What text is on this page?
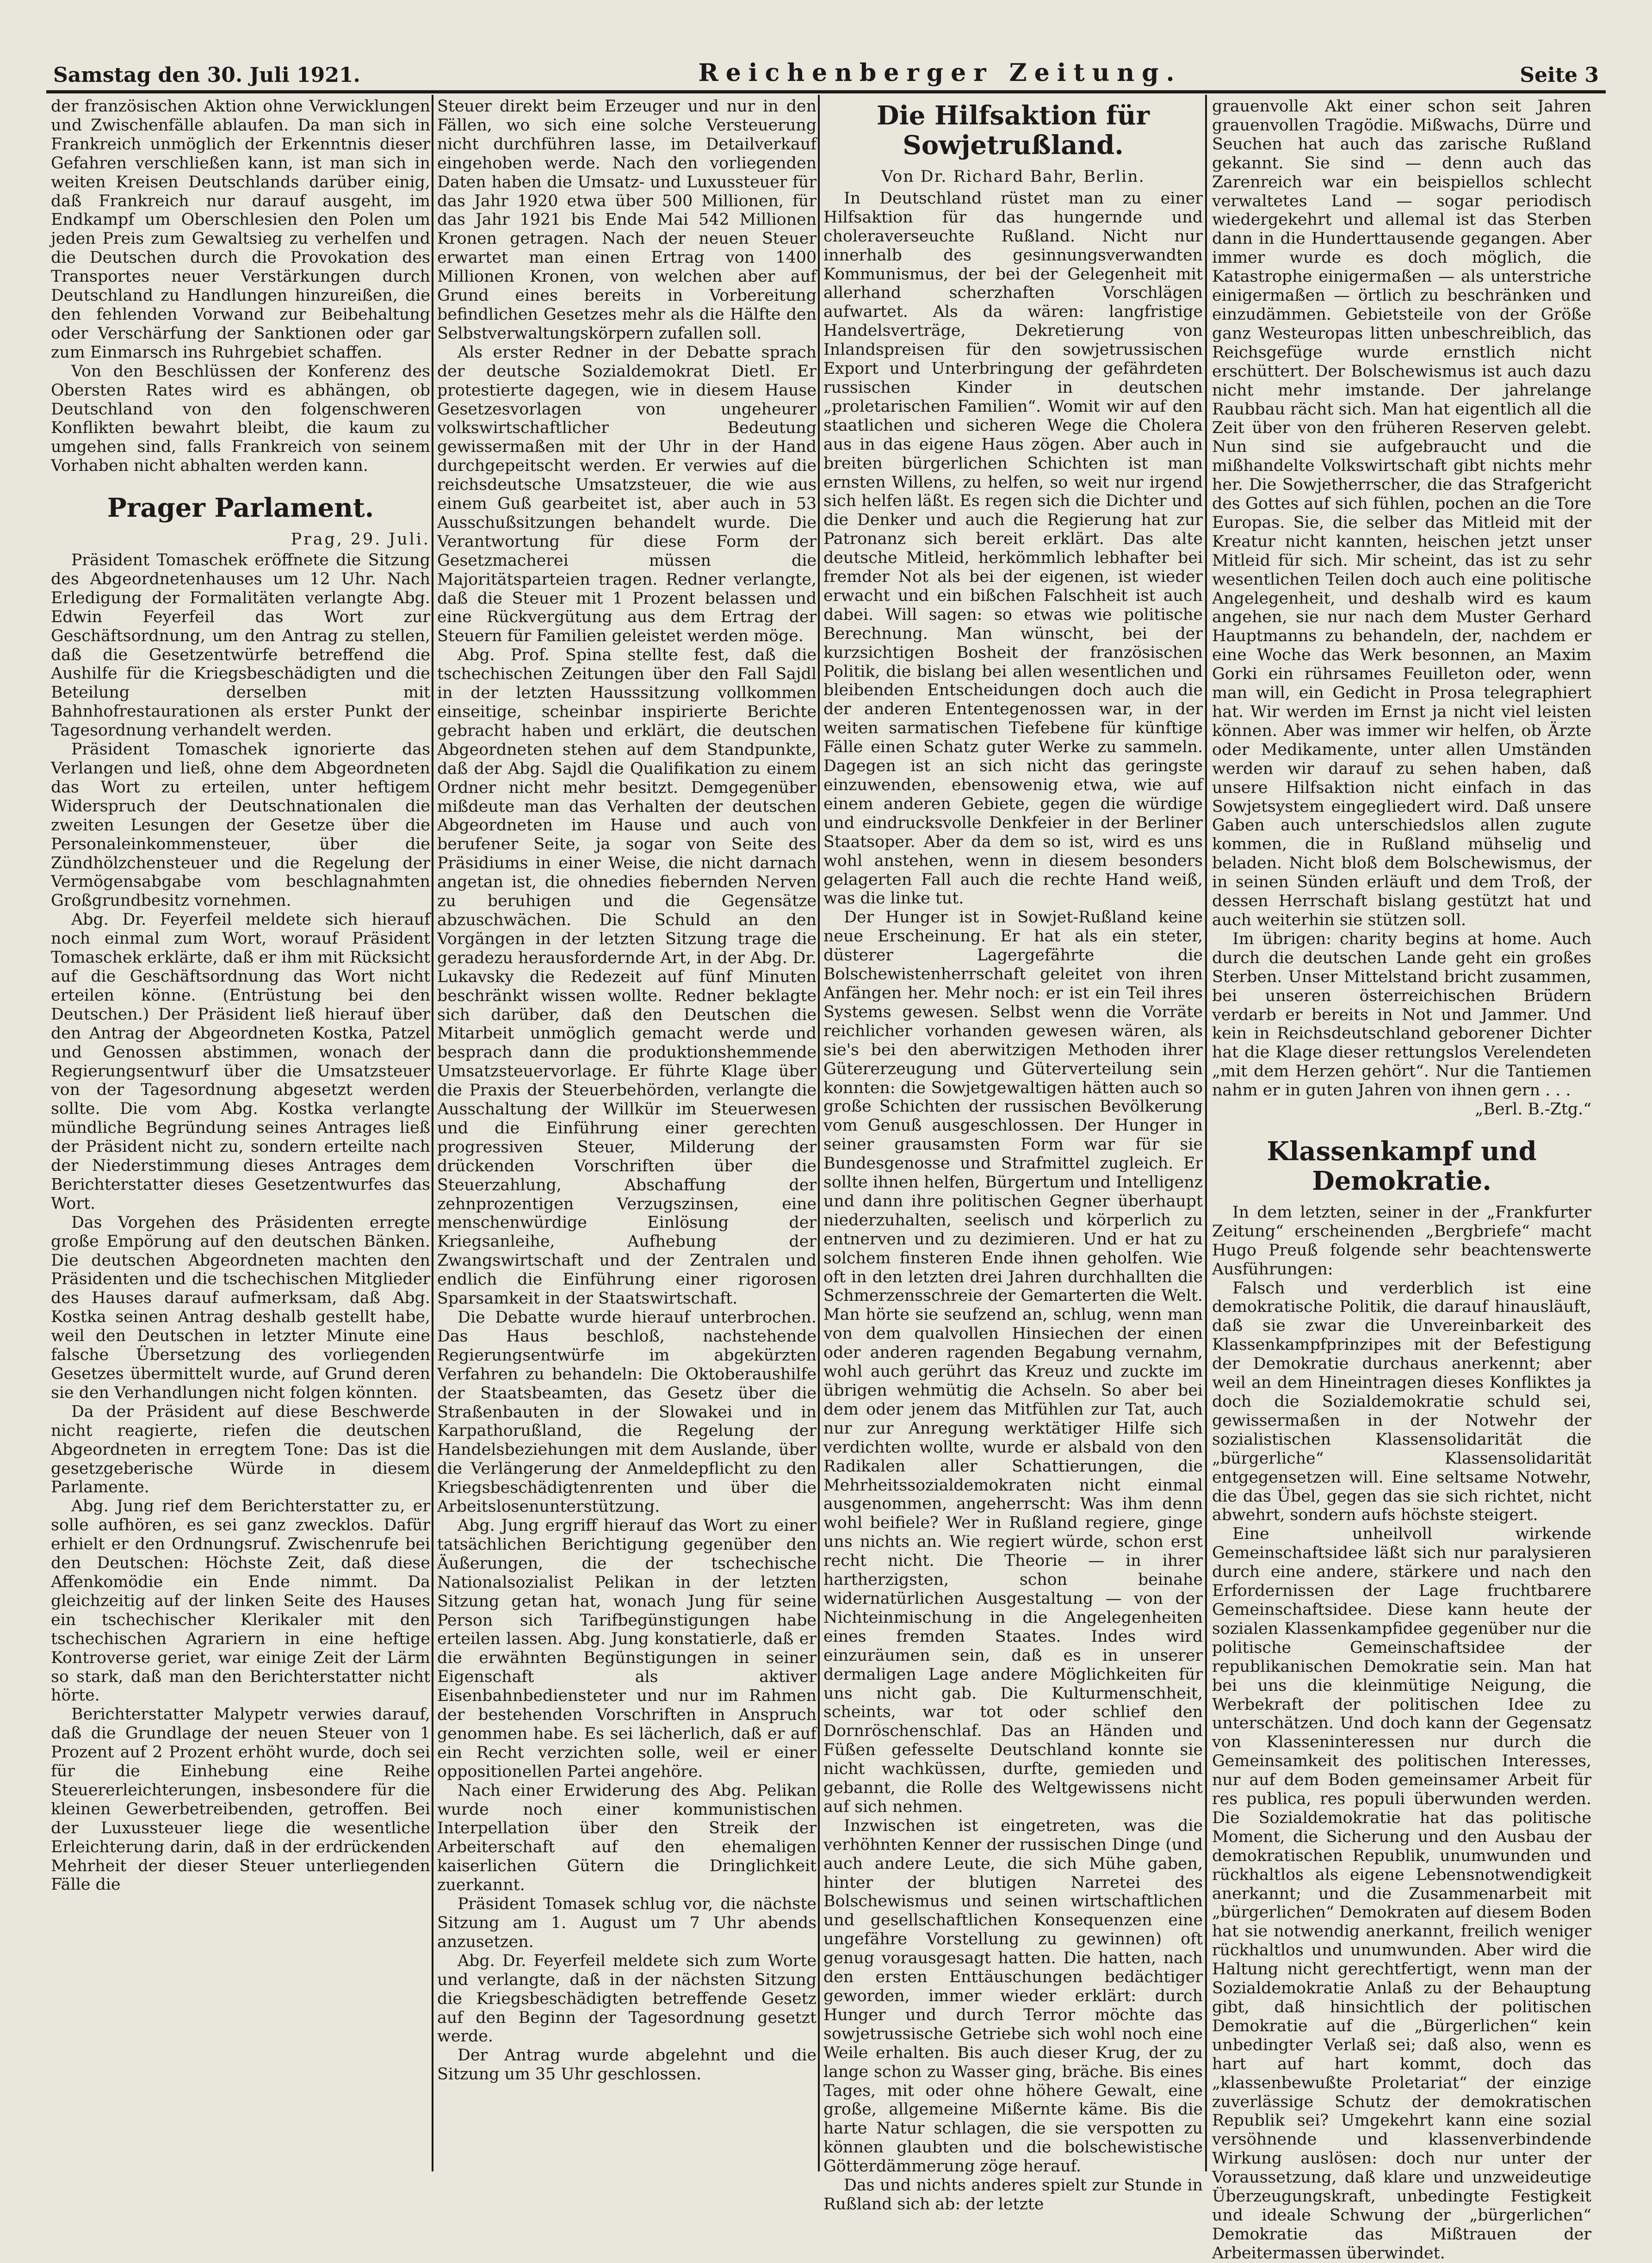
Samstag den 30. Juli 1921.	Reichenberger Zeitung.	Seite 3

der französischen Aktion ohne Verwicklungen und Zwischenfälle ablaufen. Da man sich in Frankreich unmöglich der Erkenntnis dieser Gefahren verschließen kann, ist man sich in weiten Kreisen Deutschlands darüber einig, daß Frankreich nur darauf ausgeht, im Endkampf um Oberschlesien den Polen um jeden Preis zum Gewaltsieg zu verhelfen und die Deutschen durch die Provokation des Transportes neuer Verstärkungen durch Deutschland zu Handlungen hinzureißen, die den fehlenden Vorwand zur Beibehaltung oder Verschärfung der Sanktionen oder gar zum Einmarsch ins Ruhrgebiet schaffen.

Von den Beschlüssen der Konferenz des Obersten Rates wird es abhängen, ob Deutschland von den folgenschweren Konflikten bewahrt bleibt, die kaum zu umgehen sind, falls Frankreich von seinem Vorhaben nicht abhalten werden kann.

Prager Parlament.

Prag, 29. Juli.

Präsident Tomaschek eröffnete die Sitzung des Abgeordnetenhauses um 12 Uhr. Nach Erledigung der Formalitäten verlangte Abg. Edwin Feyerfeil das Wort zur Geschäftsordnung, um den Antrag zu stellen, daß die Gesetzentwürfe betreffend die Aushilfe für die Kriegsbeschädigten und die Beteilung derselben mit Bahnhofrestaurationen als erster Punkt der Tagesordnung verhandelt werden.

Präsident Tomaschek ignorierte das Verlangen und ließ, ohne dem Abgeordneten das Wort zu erteilen, unter heftigem Widerspruch der Deutschnationalen die zweiten Lesungen der Gesetze über die Personaleinkommensteuer, über die Zündhölzchensteuer und die Regelung der Vermögensabgabe vom beschlagnahmten Großgrundbesitz vornehmen.

Abg. Dr. Feyerfeil meldete sich hierauf noch einmal zum Wort, worauf Präsident Tomaschek erklärte, daß er ihm mit Rücksicht auf die Geschäftsordnung das Wort nicht erteilen könne. (Entrüstung bei den Deutschen.) Der Präsident ließ hierauf über den Antrag der Abgeordneten Kostka, Patzel und Genossen abstimmen, wonach der Regierungsentwurf über die Umsatzsteuer von der Tagesordnung abgesetzt werden sollte. Die vom Abg. Kostka verlangte mündliche Begründung seines Antrages ließ der Präsident nicht zu, sondern erteilte nach der Niederstimmung dieses Antrages dem Berichterstatter dieses Gesetzentwurfes das Wort.

Das Vorgehen des Präsidenten erregte große Empörung auf den deutschen Bänken. Die deutschen Abgeordneten machten den Präsidenten und die tschechischen Mitglieder des Hauses darauf aufmerksam, daß Abg. Kostka seinen Antrag deshalb gestellt habe, weil den Deutschen in letzter Minute eine falsche Übersetzung des vorliegenden Gesetzes übermittelt wurde, auf Grund deren sie den Verhandlungen nicht folgen könnten.

Da der Präsident auf diese Beschwerde nicht reagierte, riefen die deutschen Abgeordneten in erregtem Tone: Das ist die gesetzgeberische Würde in diesem Parlamente.

Abg. Jung rief dem Berichterstatter zu, er solle aufhören, es sei ganz zwecklos. Dafür erhielt er den Ordnungsruf. Zwischenrufe bei den Deutschen: Höchste Zeit, daß diese Affenkomödie ein Ende nimmt. Da gleichzeitig auf der linken Seite des Hauses ein tschechischer Klerikaler mit den tschechischen Agrariern in eine heftige Kontroverse geriet, war einige Zeit der Lärm so stark, daß man den Berichterstatter nicht hörte.

Berichterstatter Malypetr verwies darauf, daß die Grundlage der neuen Steuer von 1 Prozent auf 2 Prozent erhöht wurde, doch sei für die Einhebung eine Reihe Steuererleichterungen, insbesondere für die kleinen Gewerbetreibenden, getroffen. Bei der Luxussteuer liege die wesentliche Erleichterung darin, daß in der erdrückenden Mehrheit der dieser Steuer unterliegenden Fälle die

Steuer direkt beim Erzeuger und nur in den Fällen, wo sich eine solche Versteuerung nicht durchführen lasse, im Detailverkauf eingehoben werde. Nach den vorliegenden Daten haben die Umsatz- und Luxussteuer für das Jahr 1920 etwa über 500 Millionen, für das Jahr 1921 bis Ende Mai 542 Millionen Kronen getragen. Nach der neuen Steuer erwartet man einen Ertrag von 1400 Millionen Kronen, von welchen aber auf Grund eines bereits in Vorbereitung befindlichen Gesetzes mehr als die Hälfte den Selbstverwaltungskörpern zufallen soll.

Als erster Redner in der Debatte sprach der deutsche Sozialdemokrat Dietl. Er protestierte dagegen, wie in diesem Hause Gesetzesvorlagen von ungeheurer volkswirtschaftlicher Bedeutung gewissermaßen mit der Uhr in der Hand durchgepeitscht werden. Er verwies auf die reichsdeutsche Umsatzsteuer, die wie aus einem Guß gearbeitet ist, aber auch in 53 Ausschußsitzungen behandelt wurde. Die Verantwortung für diese Form der Gesetzmacherei müssen die Majoritätsparteien tragen. Redner verlangte, daß die Steuer mit 1 Prozent belassen und eine Rückvergütung aus dem Ertrag der Steuern für Familien geleistet werden möge.

Abg. Prof. Spina stellte fest, daß die tschechischen Zeitungen über den Fall Sajdl in der letzten Hausssitzung vollkommen einseitige, scheinbar inspirierte Berichte gebracht haben und erklärt, die deutschen Abgeordneten stehen auf dem Standpunkte, daß der Abg. Sajdl die Qualifikation zu einem Ordner nicht mehr besitzt. Demgegenüber mißdeute man das Verhalten der deutschen Abgeordneten im Hause und auch von berufener Seite, ja sogar von Seite des Präsidiums in einer Weise, die nicht darnach angetan ist, die ohnedies fiebernden Nerven zu beruhigen und die Gegensätze abzuschwächen. Die Schuld an den Vorgängen in der letzten Sitzung trage die geradezu herausfordernde Art, in der Abg. Dr. Lukavsky die Redezeit auf fünf Minuten beschränkt wissen wollte. Redner beklagte sich darüber, daß den Deutschen die Mitarbeit unmöglich gemacht werde und besprach dann die produktionshemmende Umsatzsteuervorlage. Er führte Klage über die Praxis der Steuerbehörden, verlangte die Ausschaltung der Willkür im Steuerwesen und die Einführung einer gerechten progressiven Steuer, Milderung der drückenden Vorschriften über die Steuerzahlung, Abschaffung der zehnprozentigen Verzugszinsen, eine menschenwürdige Einlösung der Kriegsanleihe, Aufhebung der Zwangswirtschaft und der Zentralen und endlich die Einführung einer rigorosen Sparsamkeit in der Staatswirtschaft.

Die Debatte wurde hierauf unterbrochen. Das Haus beschloß, nachstehende Regierungsentwürfe im abgekürzten Verfahren zu behandeln: Die Oktoberaushilfe der Staatsbeamten, das Gesetz über die Straßenbauten in der Slowakei und in Karpathorußland, die Regelung der Handelsbeziehungen mit dem Auslande, über die Verlängerung der Anmeldepflicht zu den Kriegsbeschädigtenrenten und über die Arbeitslosenunterstützung.

Abg. Jung ergriff hierauf das Wort zu einer tatsächlichen Berichtigung gegenüber den Äußerungen, die der tschechische Nationalsozialist Pelikan in der letzten Sitzung getan hat, wonach Jung für seine Person sich Tarifbegünstigungen habe erteilen lassen. Abg. Jung konstatierle, daß er die erwähnten Begünstigungen in seiner Eigenschaft als aktiver Eisenbahnbediensteter und nur im Rahmen der bestehenden Vorschriften in Anspruch genommen habe. Es sei lächerlich, daß er auf ein Recht verzichten solle, weil er einer oppositionellen Partei angehöre.

Nach einer Erwiderung des Abg. Pelikan wurde noch einer kommunistischen Interpellation über den Streik der Arbeiterschaft auf den ehemaligen kaiserlichen Gütern die Dringlichkeit zuerkannt.

Präsident Tomasek schlug vor, die nächste Sitzung am 1. August um 7 Uhr abends anzusetzen.

Abg. Dr. Feyerfeil meldete sich zum Worte und verlangte, daß in der nächsten Sitzung die Kriegsbeschädigten betreffende Gesetz auf den Beginn der Tagesordnung gesetzt werde.

Der Antrag wurde abgelehnt und die Sitzung um 35 Uhr geschlossen.

Die Hilfsaktion für Sowjetrußland.

Von Dr. Richard Bahr, Berlin.

In Deutschland rüstet man zu einer Hilfsaktion für das hungernde und choleraverseuchte Rußland. Nicht nur innerhalb des gesinnungsverwandten Kommunismus, der bei der Gelegenheit mit allerhand scherzhaften Vorschlägen aufwartet. Als da wären: langfristige Handelsverträge, Dekretierung von Inlandspreisen für den sowjetrussischen Export und Unterbringung der gefährdeten russischen Kinder in deutschen „proletarischen Familien“. Womit wir auf den staatlichen und sicheren Wege die Cholera aus in das eigene Haus zögen. Aber auch in breiten bürgerlichen Schichten ist man ernsten Willens, zu helfen, so weit nur irgend sich helfen läßt. Es regen sich die Dichter und die Denker und auch die Regierung hat zur Patronanz sich bereit erklärt. Das alte deutsche Mitleid, herkömmlich lebhafter bei fremder Not als bei der eigenen, ist wieder erwacht und ein bißchen Falschheit ist auch dabei. Will sagen: so etwas wie politische Berechnung. Man wünscht, bei der kurzsichtigen Bosheit der französischen Politik, die bislang bei allen wesentlichen und bleibenden Entscheidungen doch auch die der anderen Ententegenossen war, in der weiten sarmatischen Tiefebene für künftige Fälle einen Schatz guter Werke zu sammeln. Dagegen ist an sich nicht das geringste einzuwenden, ebensowenig etwa, wie auf einem anderen Gebiete, gegen die würdige und eindrucksvolle Denkfeier in der Berliner Staatsoper. Aber da dem so ist, wird es uns wohl anstehen, wenn in diesem besonders gelagerten Fall auch die rechte Hand weiß, was die linke tut.

Der Hunger ist in Sowjet-Rußland keine neue Erscheinung. Er hat als ein steter, düsterer Lagergefährte die Bolschewistenherrschaft geleitet von ihren Anfängen her. Mehr noch: er ist ein Teil ihres Systems gewesen. Selbst wenn die Vorräte reichlicher vorhanden gewesen wären, als sie's bei den aberwitzigen Methoden ihrer Gütererzeugung und Güterverteilung sein konnten: die Sowjetgewaltigen hätten auch so große Schichten der russischen Bevölkerung vom Genuß ausgeschlossen. Der Hunger in seiner grausamsten Form war für sie Bundesgenosse und Strafmittel zugleich. Er sollte ihnen helfen, Bürgertum und Intelligenz und dann ihre politischen Gegner überhaupt niederzuhalten, seelisch und körperlich zu entnerven und zu dezimieren. Und er hat zu solchem finsteren Ende ihnen geholfen. Wie oft in den letzten drei Jahren durchhallten die Schmerzensschreie der Gemarterten die Welt. Man hörte sie seufzend an, schlug, wenn man von dem qualvollen Hinsiechen der einen oder anderen ragenden Begabung vernahm, wohl auch gerührt das Kreuz und zuckte im übrigen wehmütig die Achseln. So aber bei dem oder jenem das Mitfühlen zur Tat, auch nur zur Anregung werktätiger Hilfe sich verdichten wollte, wurde er alsbald von den Radikalen aller Schattierungen, die Mehrheitssozialdemokraten nicht einmal ausgenommen, angeherrscht: Was ihm denn wohl beifiele? Wer in Rußland regiere, ginge uns nichts an. Wie regiert würde, schon erst recht nicht. Die Theorie — in ihrer hartherzigsten, schon beinahe widernatürlichen Ausgestaltung — von der Nichteinmischung in die Angelegenheiten eines fremden Staates. Indes wird einzuräumen sein, daß es in unserer dermaligen Lage andere Möglichkeiten für uns nicht gab. Die Kulturmenschheit, scheints, war tot oder schlief den Dornröschenschlaf. Das an Händen und Füßen gefesselte Deutschland konnte sie nicht wachküssen, durfte, gemieden und gebannt, die Rolle des Weltgewissens nicht auf sich nehmen.

Inzwischen ist eingetreten, was die verhöhnten Kenner der russischen Dinge (und auch andere Leute, die sich Mühe gaben, hinter der blutigen Narretei des Bolschewismus und seinen wirtschaftlichen und gesellschaftlichen Konsequenzen eine ungefähre Vorstellung zu gewinnen) oft genug vorausgesagt hatten. Die hatten, nach den ersten Enttäuschungen bedächtiger geworden, immer wieder erklärt: durch Hunger und durch Terror möchte das sowjetrussische Getriebe sich wohl noch eine Weile erhalten. Bis auch dieser Krug, der zu lange schon zu Wasser ging, bräche. Bis eines Tages, mit oder ohne höhere Gewalt, eine große, allgemeine Mißernte käme. Bis die harte Natur schlagen, die sie verspotten zu können glaubten und die bolschewistische Götterdämmerung zöge herauf.

Das und nichts anderes spielt zur Stunde in Rußland sich ab: der letzte

grauenvolle Akt einer schon seit Jahren grauenvollen Tragödie. Mißwachs, Dürre und Seuchen hat auch das zarische Rußland gekannt. Sie sind — denn auch das Zarenreich war ein beispiellos schlecht verwaltetes Land — sogar periodisch wiedergekehrt und allemal ist das Sterben dann in die Hunderttausende gegangen. Aber immer wurde es doch möglich, die Katastrophe einigermaßen — als unterstriche einigermaßen — örtlich zu beschränken und einzudämmen. Gebietsteile von der Größe ganz Westeuropas litten unbeschreiblich, das Reichsgefüge wurde ernstlich nicht erschüttert. Der Bolschewismus ist auch dazu nicht mehr imstande. Der jahrelange Raubbau rächt sich. Man hat eigentlich all die Zeit über von den früheren Reserven gelebt. Nun sind sie aufgebraucht und die mißhandelte Volkswirtschaft gibt nichts mehr her. Die Sowjetherrscher, die das Strafgericht des Gottes auf sich fühlen, pochen an die Tore Europas. Sie, die selber das Mitleid mit der Kreatur nicht kannten, heischen jetzt unser Mitleid für sich. Mir scheint, das ist zu sehr wesentlichen Teilen doch auch eine politische Angelegenheit, und deshalb wird es kaum angehen, sie nur nach dem Muster Gerhard Hauptmanns zu behandeln, der, nachdem er eine Woche das Werk besonnen, an Maxim Gorki ein rührsames Feuilleton oder, wenn man will, ein Gedicht in Prosa telegraphiert hat. Wir werden im Ernst ja nicht viel leisten können. Aber was immer wir helfen, ob Ärzte oder Medikamente, unter allen Umständen werden wir darauf zu sehen haben, daß unsere Hilfsaktion nicht einfach in das Sowjetsystem eingegliedert wird. Daß unsere Gaben auch unterschiedslos allen zugute kommen, die in Rußland mühselig und beladen. Nicht bloß dem Bolschewismus, der in seinen Sünden erläuft und dem Troß, der dessen Herrschaft bislang gestützt hat und auch weiterhin sie stützen soll.

Im übrigen: charity begins at home. Auch durch die deutschen Lande geht ein großes Sterben. Unser Mittelstand bricht zusammen, bei unseren österreichischen Brüdern verdarb er bereits in Not und Jammer. Und kein in Reichsdeutschland geborener Dichter hat die Klage dieser rettungslos Verelendeten „mit dem Herzen gehört“. Nur die Tantiemen nahm er in guten Jahren von ihnen gern . . .

„Berl. B.-Ztg.“

Klassenkampf und Demokratie.

In dem letzten, seiner in der „Frankfurter Zeitung“ erscheinenden „Bergbriefe“ macht Hugo Preuß folgende sehr beachtenswerte Ausführungen:

Falsch und verderblich ist eine demokratische Politik, die darauf hinausläuft, daß sie zwar die Unvereinbarkeit des Klassenkampfprinzipes mit der Befestigung der Demokratie durchaus anerkennt; aber weil an dem Hineintragen dieses Konfliktes ja doch die Sozialdemokratie schuld sei, gewissermaßen in der Notwehr der sozialistischen Klassensolidarität die „bürgerliche“ Klassensolidarität entgegensetzen will. Eine seltsame Notwehr, die das Übel, gegen das sie sich richtet, nicht abwehrt, sondern aufs höchste steigert.

Eine unheilvoll wirkende Gemeinschaftsidee läßt sich nur paralysieren durch eine andere, stärkere und nach den Erfordernissen der Lage fruchtbarere Gemeinschaftsidee. Diese kann heute der sozialen Klassenkampfidee gegenüber nur die politische Gemeinschaftsidee der republikanischen Demokratie sein. Man hat bei uns die kleinmütige Neigung, die Werbekraft der politischen Idee zu unterschätzen. Und doch kann der Gegensatz von Klasseninteressen nur durch die Gemeinsamkeit des politischen Interesses, nur auf dem Boden gemeinsamer Arbeit für res publica, res populi überwunden werden. Die Sozialdemokratie hat das politische Moment, die Sicherung und den Ausbau der demokratischen Republik, unumwunden und rückhaltlos als eigene Lebensnotwendigkeit anerkannt; und die Zusammenarbeit mit „bürgerlichen“ Demokraten auf diesem Boden hat sie notwendig anerkannt, freilich weniger rückhaltlos und unumwunden. Aber wird die Haltung nicht gerechtfertigt, wenn man der Sozialdemokratie Anlaß zu der Behauptung gibt, daß hinsichtlich der politischen Demokratie auf die „Bürgerlichen“ kein unbedingter Verlaß sei; daß also, wenn es hart auf hart kommt, doch das „klassenbewußte Proletariat“ der einzige zuverlässige Schutz der demokratischen Republik sei? Umgekehrt kann eine sozial versöhnende und klassenverbindende Wirkung auslösen: doch nur unter der Voraussetzung, daß klare und unzweideutige Überzeugungskraft, unbedingte Festigkeit und ideale Schwung der „bürgerlichen“ Demokratie das Mißtrauen der Arbeitermassen überwindet.
